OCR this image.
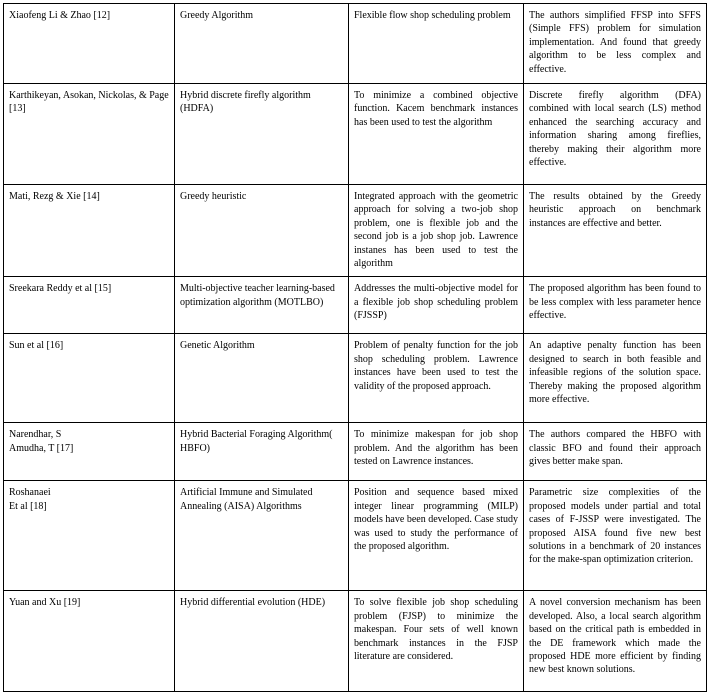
Xiaofeng Li & Zhao [12]	Greedy Algorithm	Flexible flow shop scheduling problem	The authors simplified FFSP into SFFS (Simple FFS) problem for simulation implementation. And found that greedy algorithm to be less complex and effective.

Karthikeyan, Asokan, Nickolas, & Page [13]	Hybrid discrete firefly algorithm (HDFA)	To minimize a combined objective function. Kacem benchmark instances has been used to test the algorithm	Discrete firefly algorithm (DFA) combined with local search (LS) method enhanced the searching accuracy and information sharing among fireflies, thereby making their algorithm more effective.

Mati, Rezg & Xie [14]	Greedy heuristic	Integrated approach with the geometric approach for solving a two-job shop problem, one is flexible job and the second job is a job shop job. Lawrence instanes has been used to test the algorithm	The results obtained by the Greedy heuristic approach on benchmark instances are effective and better.

Sreekara Reddy et al [15]	Multi-objective teacher learning-based optimization algorithm (MOTLBO)	Addresses the multi-objective model for a flexible job shop scheduling problem (FJSSP)	The proposed algorithm has been found to be less complex with less parameter hence effective.

Sun et al [16]	Genetic Algorithm	Problem of penalty function for the job shop scheduling problem. Lawrence instances have been used to test the validity of the proposed approach.	An adaptive penalty function has been designed to search in both feasible and infeasible regions of the solution space. Thereby making the proposed algorithm more effective.

Narendhar, S
Amudha, T [17]	Hybrid Bacterial Foraging Algorithm( HBFO)	To minimize makespan for job shop problem. And the algorithm has been tested on Lawrence instances.	The authors compared the HBFO with classic BFO and found their approach gives better make span.

Roshanaei
Et al [18]	Artificial Immune and Simulated Annealing (AISA) Algorithms	Position and sequence based mixed integer linear programming (MILP) models have been developed. Case study was used to study the performance of the proposed algorithm.	Parametric size complexities of the proposed models under partial and total cases of F-JSSP were investigated. The proposed AISA found five new best solutions in a benchmark of 20 instances for the make-span optimization criterion.

Yuan and Xu [19]	Hybrid differential evolution (HDE)	To solve flexible job shop scheduling problem (FJSP) to minimize the makespan. Four sets of well known benchmark instances in the FJSP literature are considered.	A novel conversion mechanism has been developed. Also, a local search algorithm based on the critical path is embedded in the DE framework which made the proposed HDE more efficient by finding new best known solutions.
